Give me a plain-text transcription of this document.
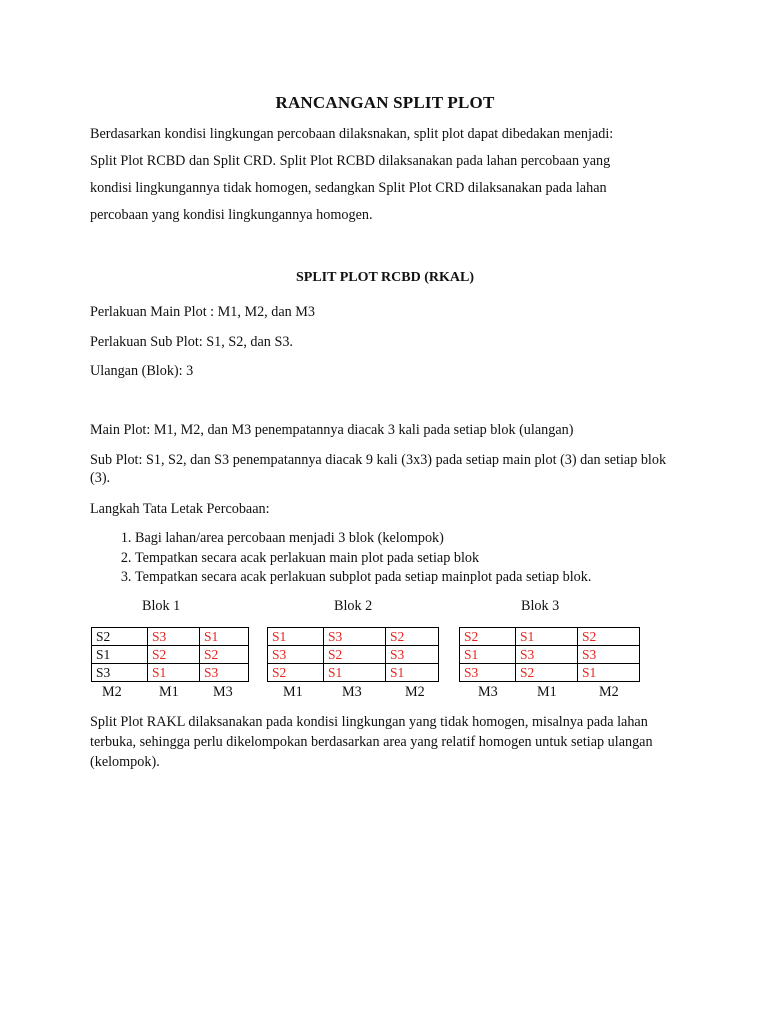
RANCANGAN SPLIT PLOT
Berdasarkan kondisi lingkungan percobaan dilaksnakan, split plot dapat dibedakan menjadi:
Split Plot RCBD dan Split CRD. Split Plot RCBD dilaksanakan pada lahan percobaan yang
kondisi lingkungannya tidak homogen, sedangkan Split Plot CRD dilaksanakan pada lahan
percobaan yang kondisi lingkungannya homogen.
SPLIT PLOT RCBD (RKAL)
Perlakuan Main Plot : M1, M2, dan M3
Perlakuan Sub Plot: S1, S2, dan S3.
Ulangan (Blok): 3
Main Plot: M1, M2, dan M3 penempatannya diacak 3 kali pada setiap blok (ulangan)
Sub Plot: S1, S2, dan S3 penempatannya diacak 9 kali (3x3) pada setiap main plot (3) dan setiap blok (3).
Langkah Tata Letak Percobaan:
1. Bagi lahan/area percobaan menjadi 3 blok (kelompok)
2. Tempatkan secara acak perlakuan main plot pada setiap blok
3. Tempatkan secara acak perlakuan subplot pada setiap mainplot pada setiap blok.
Blok 1	Blok 2	Blok 3
S2	S3	S1
S1	S2	S2
S3	S1	S3
S1	S3	S2
S3	S2	S3
S2	S1	S1
S2	S1	S2
S1	S3	S3
S3	S2	S1
M2	M1 M3	M1	M3	M2	M3	M1	M2
Split Plot RAKL dilaksanakan pada kondisi lingkungan yang tidak homogen, misalnya pada lahan terbuka, sehingga perlu dikelompokan berdasarkan area yang relatif homogen untuk setiap ulangan (kelompok).
